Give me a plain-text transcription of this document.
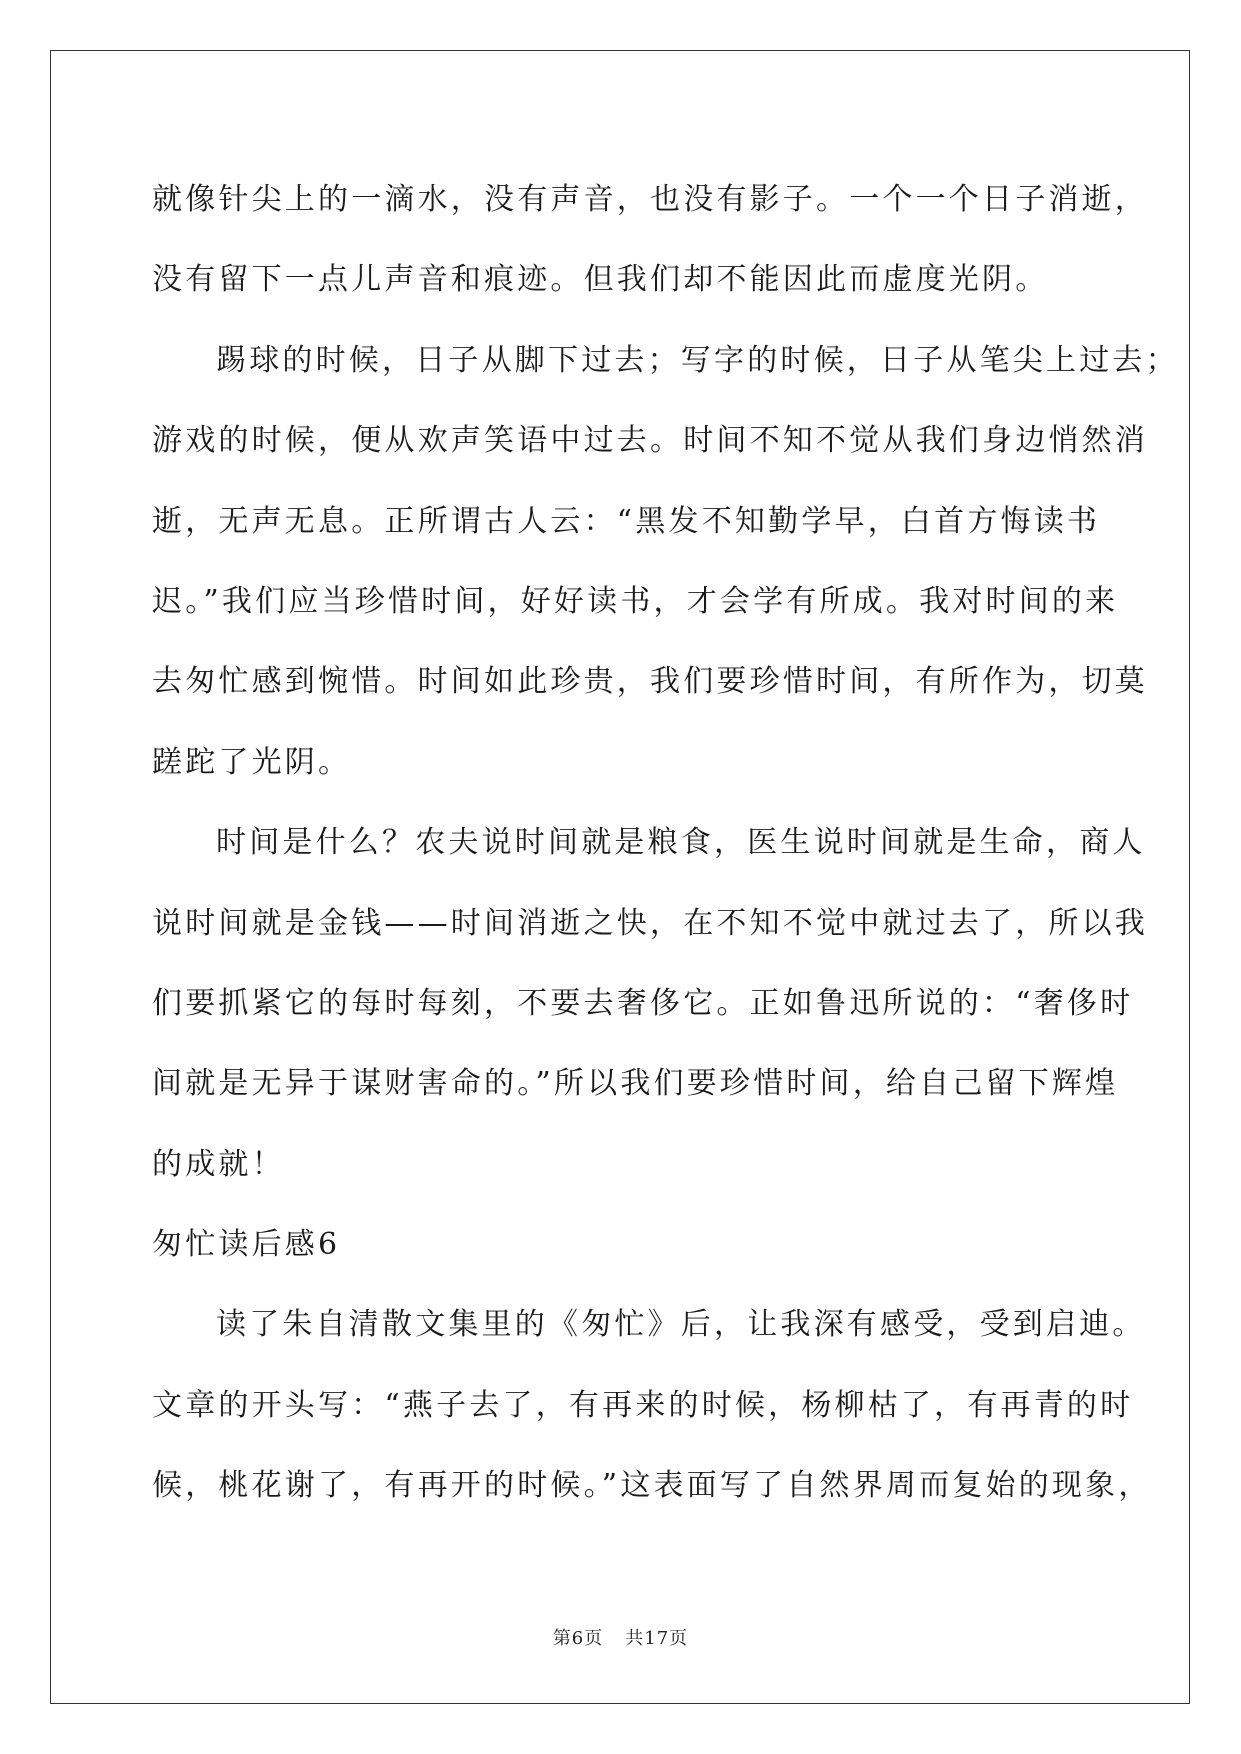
就像针尖上的一滴水，没有声音，也没有影子。一个一个日子消逝，
没有留下一点儿声音和痕迹。但我们却不能因此而虚度光阴。
踢球的时候，日子从脚下过去；写字的时候，日子从笔尖上过去；
游戏的时候，便从欢声笑语中过去。时间不知不觉从我们身边悄然消
逝，无声无息。正所谓古人云：“黑发不知勤学早，白首方悔读书
迟。”我们应当珍惜时间，好好读书，才会学有所成。我对时间的来
去匆忙感到惋惜。时间如此珍贵，我们要珍惜时间，有所作为，切莫
蹉跎了光阴。
时间是什么？农夫说时间就是粮食，医生说时间就是生命，商人
说时间就是金钱——时间消逝之快，在不知不觉中就过去了，所以我
们要抓紧它的每时每刻，不要去奢侈它。正如鲁迅所说的：“奢侈时
间就是无异于谋财害命的。”所以我们要珍惜时间，给自己留下辉煌
的成就！
匆忙读后感6
读了朱自清散文集里的《匆忙》后，让我深有感受，受到启迪。
文章的开头写：“燕子去了，有再来的时候，杨柳枯了，有再青的时
候，桃花谢了，有再开的时候。”这表面写了自然界周而复始的现象，
第6页 共17页
